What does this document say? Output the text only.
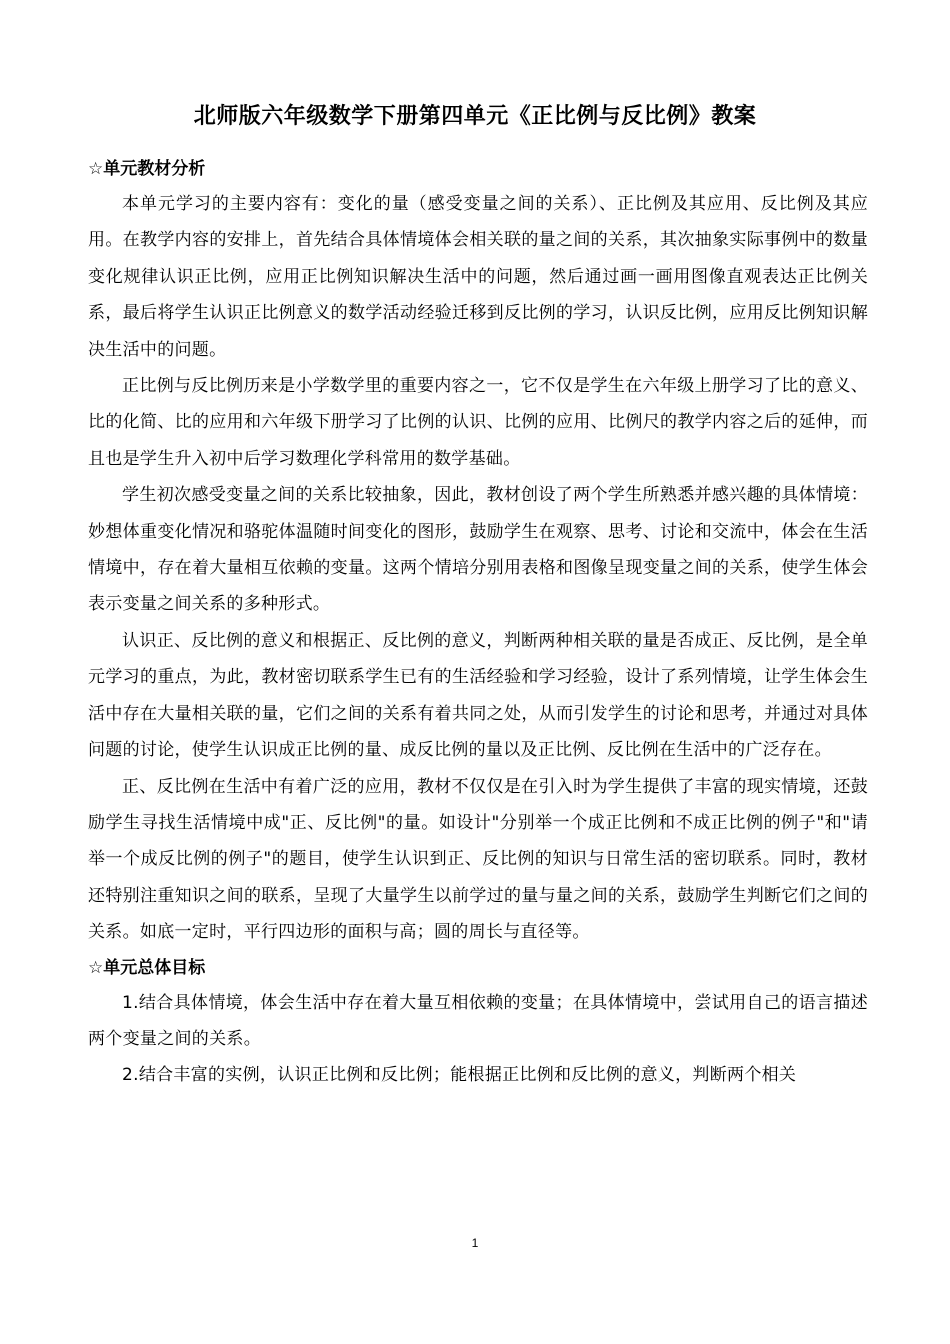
北师版六年级数学下册第四单元《正比例与反比例》教案
☆单元教材分析

本单元学习的主要内容有：变化的量（感受变量之间的关系）、正比例及其应用、反比例及其应用。在教学内容的安排上，首先结合具体情境体会相关联的量之间的关系，其次抽象实际事例中的数量变化规律认识正比例，应用正比例知识解决生活中的问题，然后通过画一画用图像直观表达正比例关系，最后将学生认识正比例意义的数学活动经验迁移到反比例的学习，认识反比例，应用反比例知识解决生活中的问题。

正比例与反比例历来是小学数学里的重要内容之一，它不仅是学生在六年级上册学习了比的意义、比的化简、比的应用和六年级下册学习了比例的认识、比例的应用、比例尺的教学内容之后的延伸，而且也是学生升入初中后学习数理化学科常用的数学基础。

学生初次感受变量之间的关系比较抽象，因此，教材创设了两个学生所熟悉并感兴趣的具体情境：妙想体重变化情况和骆驼体温随时间变化的图形，鼓励学生在观察、思考、讨论和交流中，体会在生活情境中，存在着大量相互依赖的变量。这两个情培分别用表格和图像呈现变量之间的关系，使学生体会表示变量之间关系的多种形式。

认识正、反比例的意义和根据正、反比例的意义，判断两种相关联的量是否成正、反比例，是全单元学习的重点，为此，教材密切联系学生已有的生活经验和学习经验，设计了系列情境，让学生体会生活中存在大量相关联的量，它们之间的关系有着共同之处，从而引发学生的讨论和思考，并通过对具体问题的讨论，使学生认识成正比例的量、成反比例的量以及正比例、反比例在生活中的广泛存在。

正、反比例在生活中有着广泛的应用，教材不仅仅是在引入时为学生提供了丰富的现实情境，还鼓励学生寻找生活情境中成"正、反比例"的量。如设计"分别举一个成正比例和不成正比例的例子"和"请举一个成反比例的例子"的题目，使学生认识到正、反比例的知识与日常生活的密切联系。同时，教材还特别注重知识之间的联系，呈现了大量学生以前学过的量与量之间的关系，鼓励学生判断它们之间的关系。如底一定时，平行四边形的面积与高；圆的周长与直径等。

☆单元总体目标

1.结合具体情境，体会生活中存在着大量互相依赖的变量；在具体情境中，尝试用自己的语言描述两个变量之间的关系。

2.结合丰富的实例，认识正比例和反比例；能根据正比例和反比例的意义，判断两个相关

1
